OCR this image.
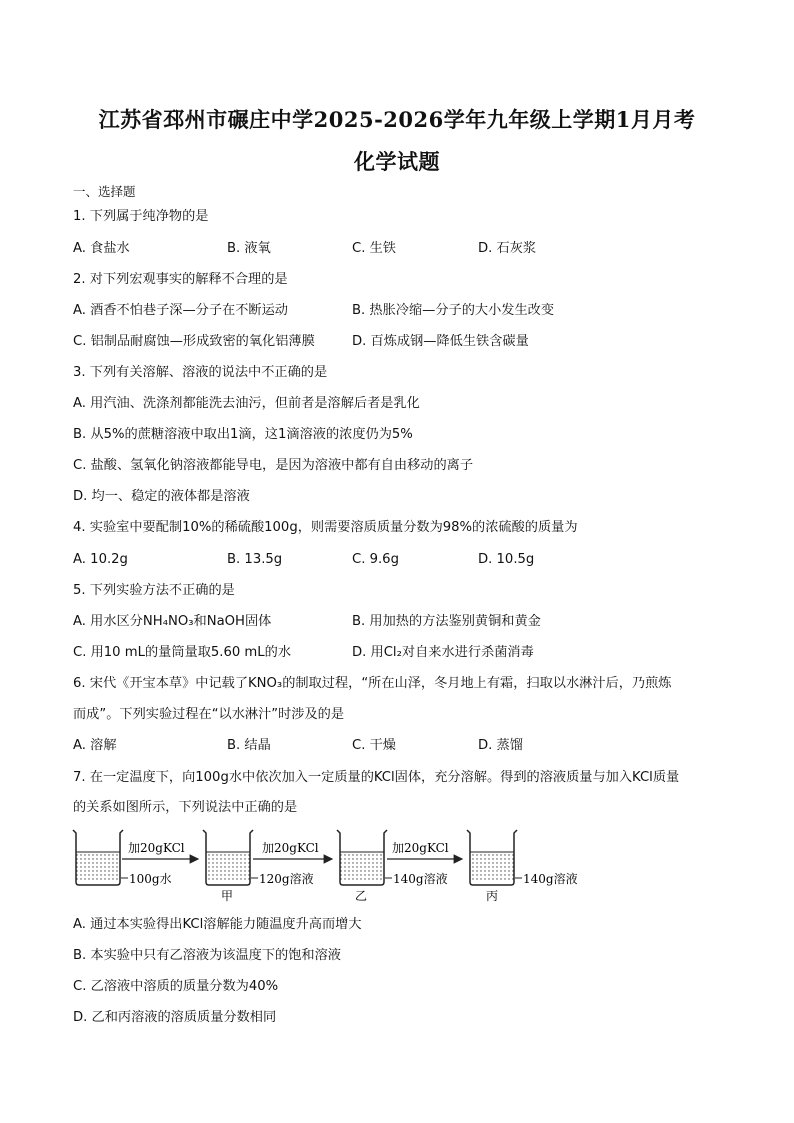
江苏省邳州市碾庄中学2025-2026学年九年级上学期1月月考
化学试题
一、选择题
1. 下列属于纯净物的是
A. 食盐水	B. 液氧	C. 生铁	D. 石灰浆
2. 对下列宏观事实的解释不合理的是
A. 酒香不怕巷子深—分子在不断运动	B. 热胀冷缩—分子的大小发生改变
C. 铝制品耐腐蚀—形成致密的氧化铝薄膜	D. 百炼成钢—降低生铁含碳量
3. 下列有关溶解、溶液的说法中不正确的是
A. 用汽油、洗涤剂都能洗去油污，但前者是溶解后者是乳化
B. 从5%的蔗糖溶液中取出1滴，这1滴溶液的浓度仍为5%
C. 盐酸、氢氧化钠溶液都能导电，是因为溶液中都有自由移动的离子
D. 均一、稳定的液体都是溶液
4. 实验室中要配制10%的稀硫酸100g，则需要溶质质量分数为98%的浓硫酸的质量为
A. 10.2g	B. 13.5g	C. 9.6g	D. 10.5g
5. 下列实验方法不正确的是
A. 用水区分NH₄NO₃和NaOH固体	B. 用加热的方法鉴别黄铜和黄金
C. 用10 mL的量筒量取5.60 mL的水	D. 用Cl₂对自来水进行杀菌消毒
6. 宋代《开宝本草》中记载了KNO₃的制取过程，“所在山泽，冬月地上有霜，扫取以水淋汁后，乃煎炼
而成”。下列实验过程在“以水淋汁”时涉及的是
A. 溶解	B. 结晶	C. 干燥	D. 蒸馏
7. 在一定温度下，向100g水中依次加入一定质量的KCl固体，充分溶解。得到的溶液质量与加入KCl质量
的关系如图所示，下列说法中正确的是
100g水
加20gKCl
120g溶液
甲
加20gKCl
140g溶液
乙
加20gKCl
140g溶液
丙
A. 通过本实验得出KCl溶解能力随温度升高而增大
B. 本实验中只有乙溶液为该温度下的饱和溶液
C. 乙溶液中溶质的质量分数为40%
D. 乙和丙溶液的溶质质量分数相同
